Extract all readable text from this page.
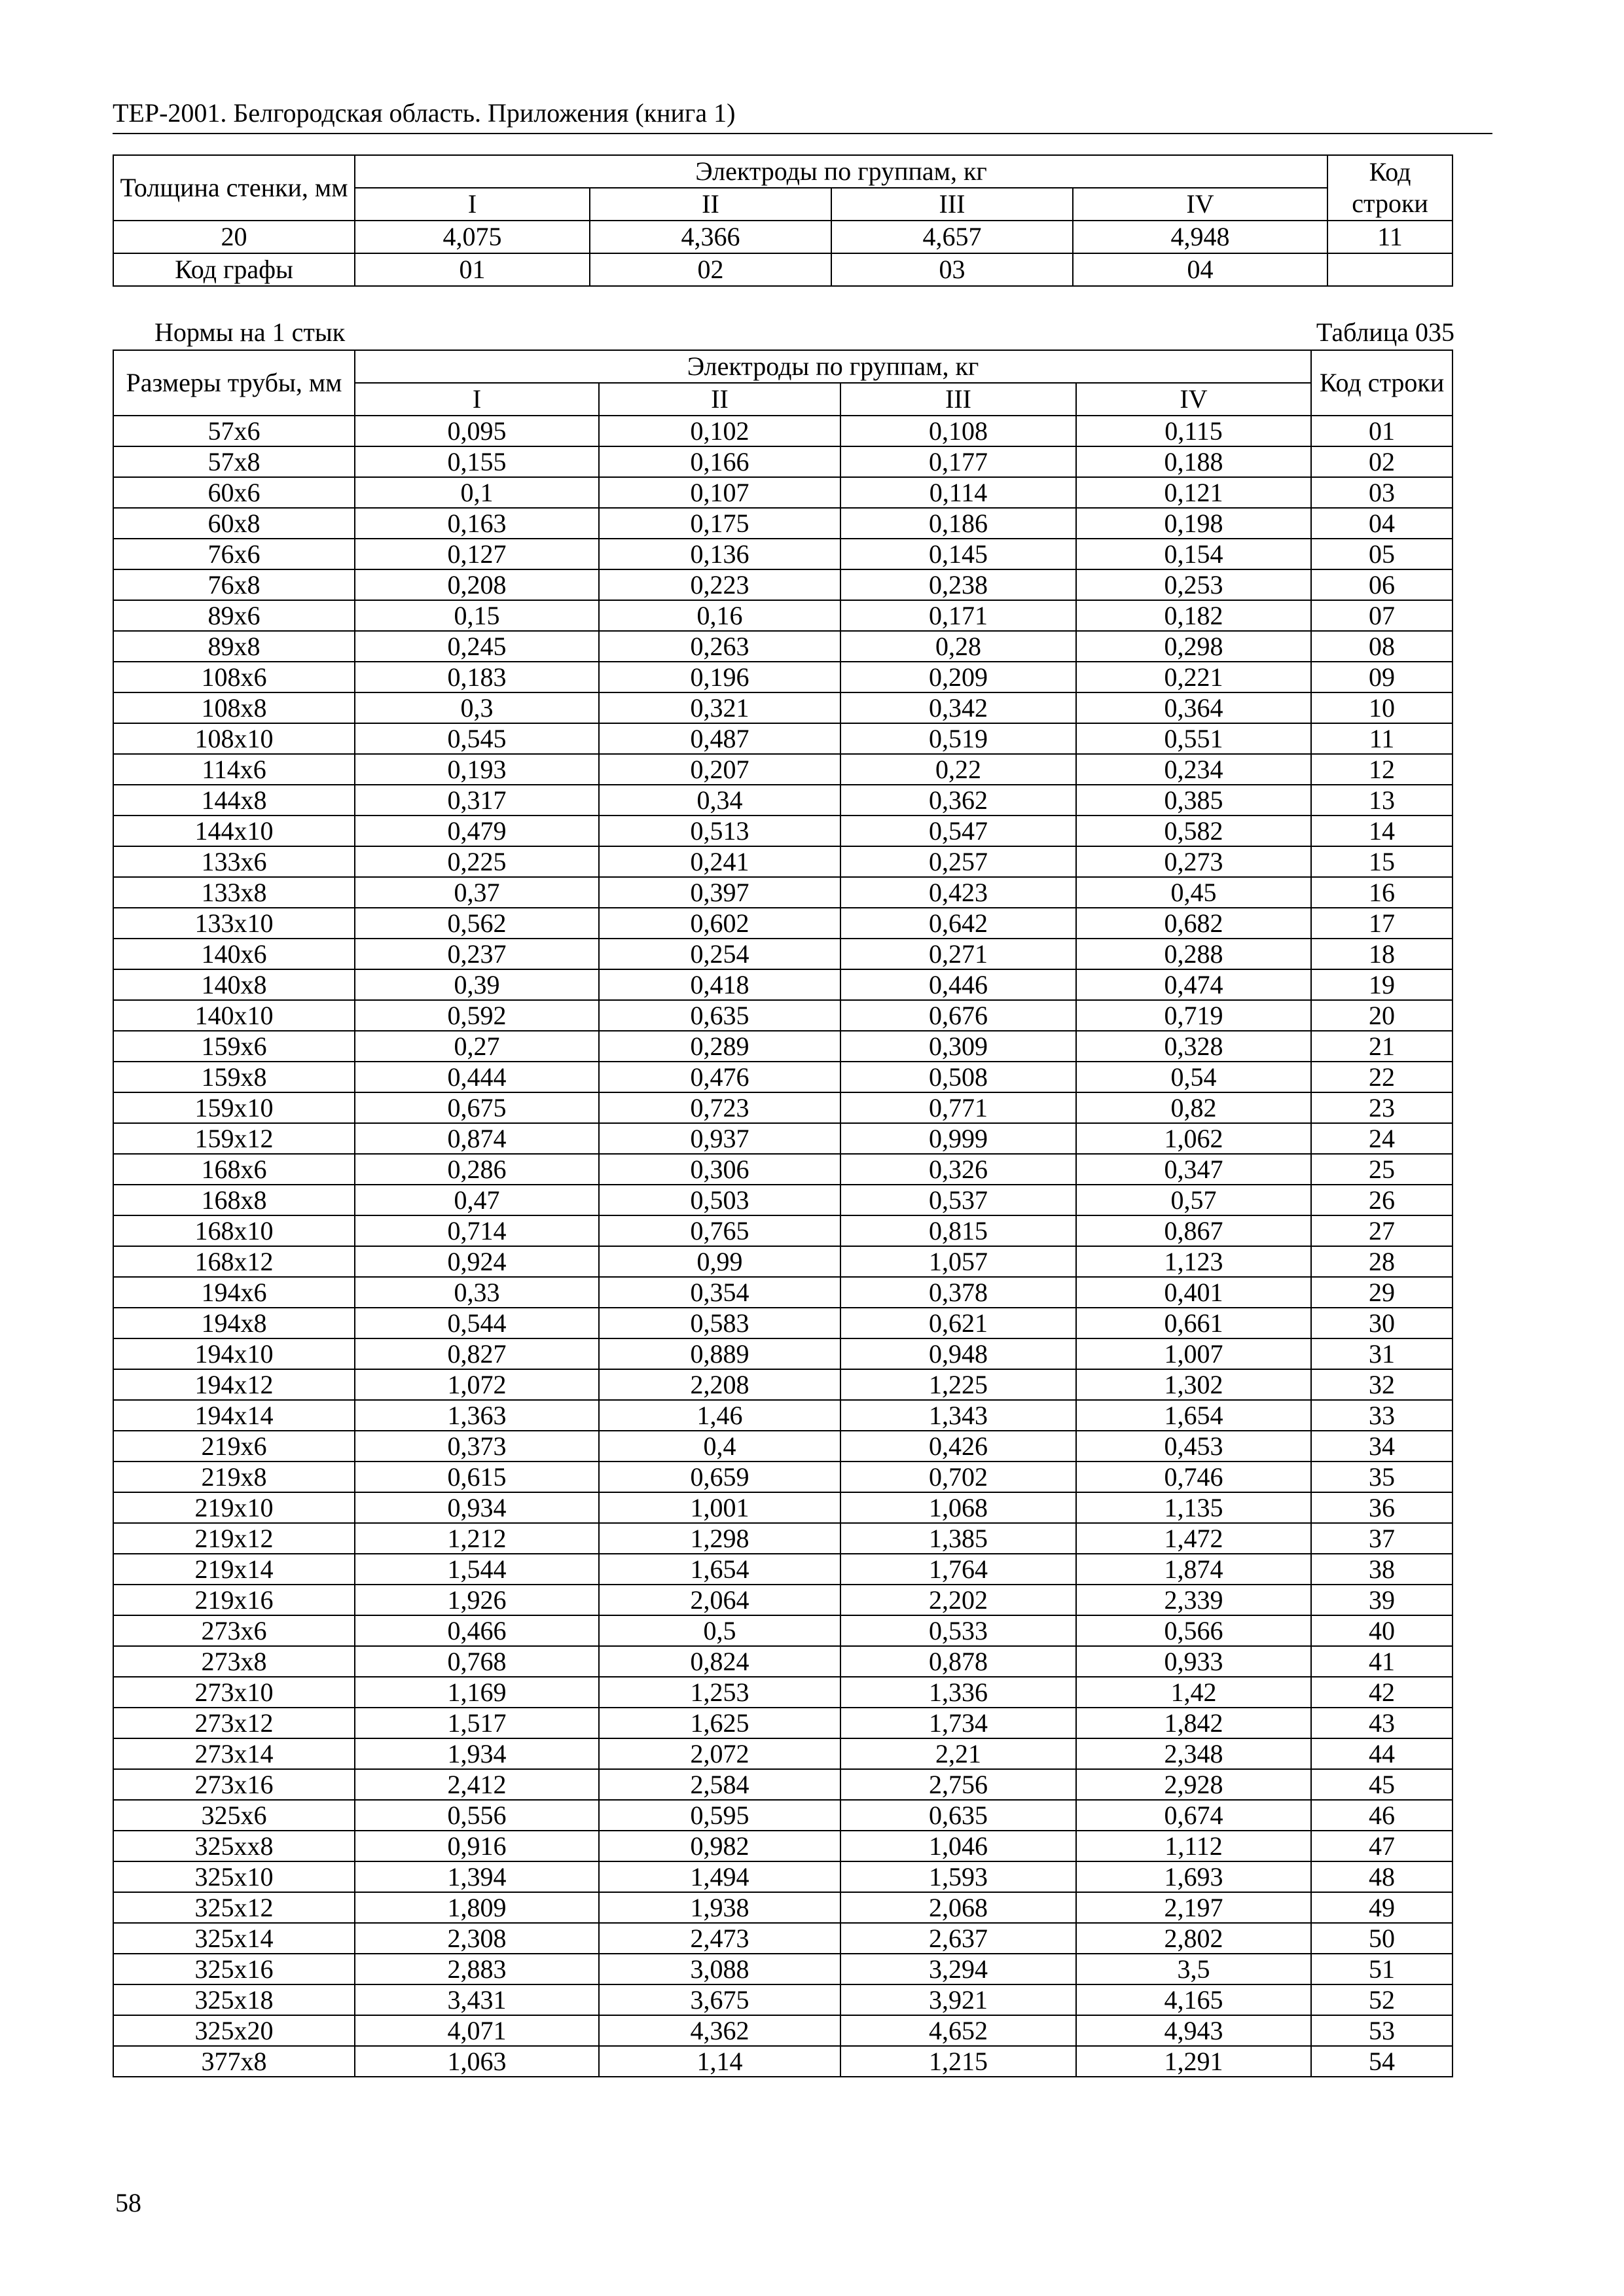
ТЕР-2001. Белгородская область. Приложения (книга 1)
Толщина стенки, мм	Электроды по группам, кг				Код строки
	I	II	III	IV	
20	4,075	4,366	4,657	4,948	11
Код графы	01	02	03	04	
Нормы на 1 стык	Таблица 035
Размеры трубы, мм	Электроды по группам, кг				Код строки
	I	II	III	IV	
57x6	0,095	0,102	0,108	0,115	01
57x8	0,155	0,166	0,177	0,188	02
60x6	0,1	0,107	0,114	0,121	03
60x8	0,163	0,175	0,186	0,198	04
76x6	0,127	0,136	0,145	0,154	05
76x8	0,208	0,223	0,238	0,253	06
89x6	0,15	0,16	0,171	0,182	07
89x8	0,245	0,263	0,28	0,298	08
108x6	0,183	0,196	0,209	0,221	09
108x8	0,3	0,321	0,342	0,364	10
108x10	0,545	0,487	0,519	0,551	11
114x6	0,193	0,207	0,22	0,234	12
144x8	0,317	0,34	0,362	0,385	13
144x10	0,479	0,513	0,547	0,582	14
133x6	0,225	0,241	0,257	0,273	15
133x8	0,37	0,397	0,423	0,45	16
133x10	0,562	0,602	0,642	0,682	17
140x6	0,237	0,254	0,271	0,288	18
140x8	0,39	0,418	0,446	0,474	19
140x10	0,592	0,635	0,676	0,719	20
159x6	0,27	0,289	0,309	0,328	21
159x8	0,444	0,476	0,508	0,54	22
159x10	0,675	0,723	0,771	0,82	23
159x12	0,874	0,937	0,999	1,062	24
168x6	0,286	0,306	0,326	0,347	25
168x8	0,47	0,503	0,537	0,57	26
168x10	0,714	0,765	0,815	0,867	27
168x12	0,924	0,99	1,057	1,123	28
194x6	0,33	0,354	0,378	0,401	29
194x8	0,544	0,583	0,621	0,661	30
194x10	0,827	0,889	0,948	1,007	31
194x12	1,072	2,208	1,225	1,302	32
194x14	1,363	1,46	1,343	1,654	33
219x6	0,373	0,4	0,426	0,453	34
219x8	0,615	0,659	0,702	0,746	35
219x10	0,934	1,001	1,068	1,135	36
219x12	1,212	1,298	1,385	1,472	37
219x14	1,544	1,654	1,764	1,874	38
219x16	1,926	2,064	2,202	2,339	39
273x6	0,466	0,5	0,533	0,566	40
273x8	0,768	0,824	0,878	0,933	41
273x10	1,169	1,253	1,336	1,42	42
273x12	1,517	1,625	1,734	1,842	43
273x14	1,934	2,072	2,21	2,348	44
273x16	2,412	2,584	2,756	2,928	45
325x6	0,556	0,595	0,635	0,674	46
325xx8	0,916	0,982	1,046	1,112	47
325x10	1,394	1,494	1,593	1,693	48
325x12	1,809	1,938	2,068	2,197	49
325x14	2,308	2,473	2,637	2,802	50
325x16	2,883	3,088	3,294	3,5	51
325x18	3,431	3,675	3,921	4,165	52
325x20	4,071	4,362	4,652	4,943	53
377x8	1,063	1,14	1,215	1,291	54
58
